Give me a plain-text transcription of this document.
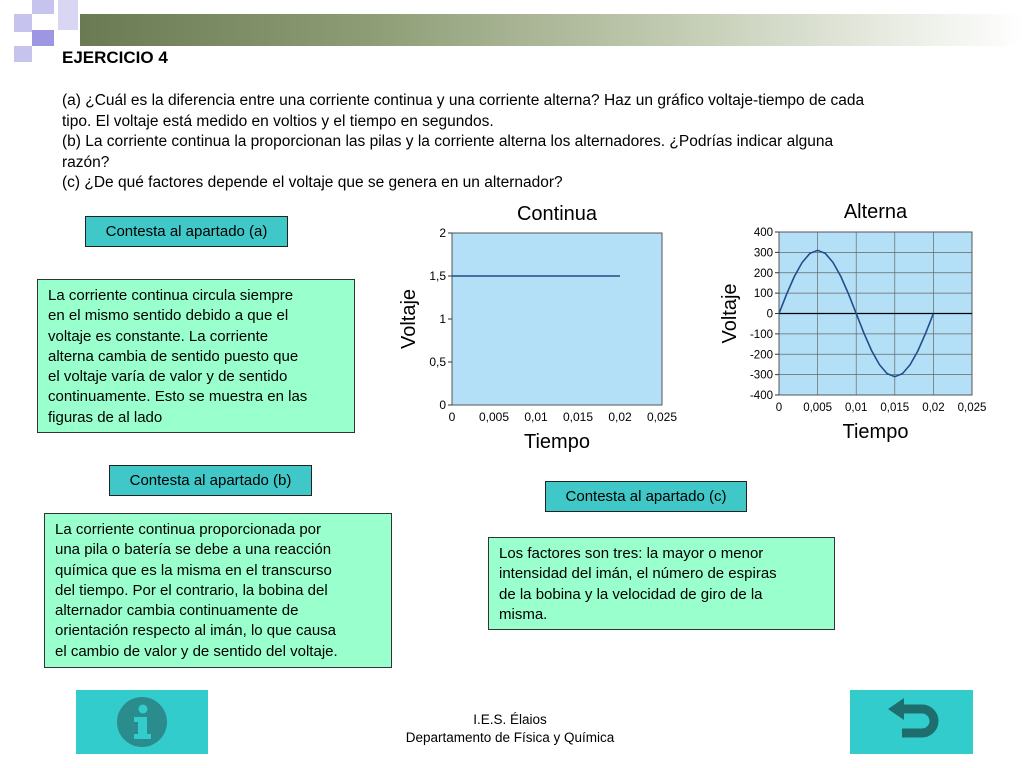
EJERCICIO 4
(a) ¿Cuál es la diferencia entre una corriente continua y una corriente alterna? Haz un gráfico voltaje-tiempo de cada
tipo. El voltaje está medido en voltios y el tiempo en segundos.
(b) La corriente continua la proporcionan las pilas y la corriente alterna los alternadores. ¿Podrías indicar alguna
razón?
(c) ¿De qué factores depende el voltaje que se genera en un alternador?
Contesta al apartado (a)
La corriente continua circula siempre
en el mismo sentido debido a que el
voltaje es constante. La corriente
alterna cambia de sentido puesto que
el voltaje varía de valor y de sentido
continuamente. Esto se muestra en las
figuras de al lado
Contesta al apartado (b)
La corriente continua proporcionada por
una pila o batería se debe a una reacción
química que es la misma en el transcurso
del tiempo. Por el contrario, la bobina del
alternador cambia continuamente de
orientación respecto al imán, lo que causa
el cambio de valor y de sentido del voltaje.
Contesta al apartado (c)
Los factores son tres: la mayor o menor
intensidad del imán, el número de espiras
de la bobina y la velocidad de giro de la
misma.
0
0,5
1
1,5
2
0 0,005 0,01 0,015 0,02 0,025
Continua
Tiempo
Voltaje
-400
-300
-200
-100
0
100
200
300
400
0 0,005 0,01 0,015 0,02 0,025
Alterna
Tiempo
Voltaje
I.E.S. Élaios
Departamento de Física y Química
